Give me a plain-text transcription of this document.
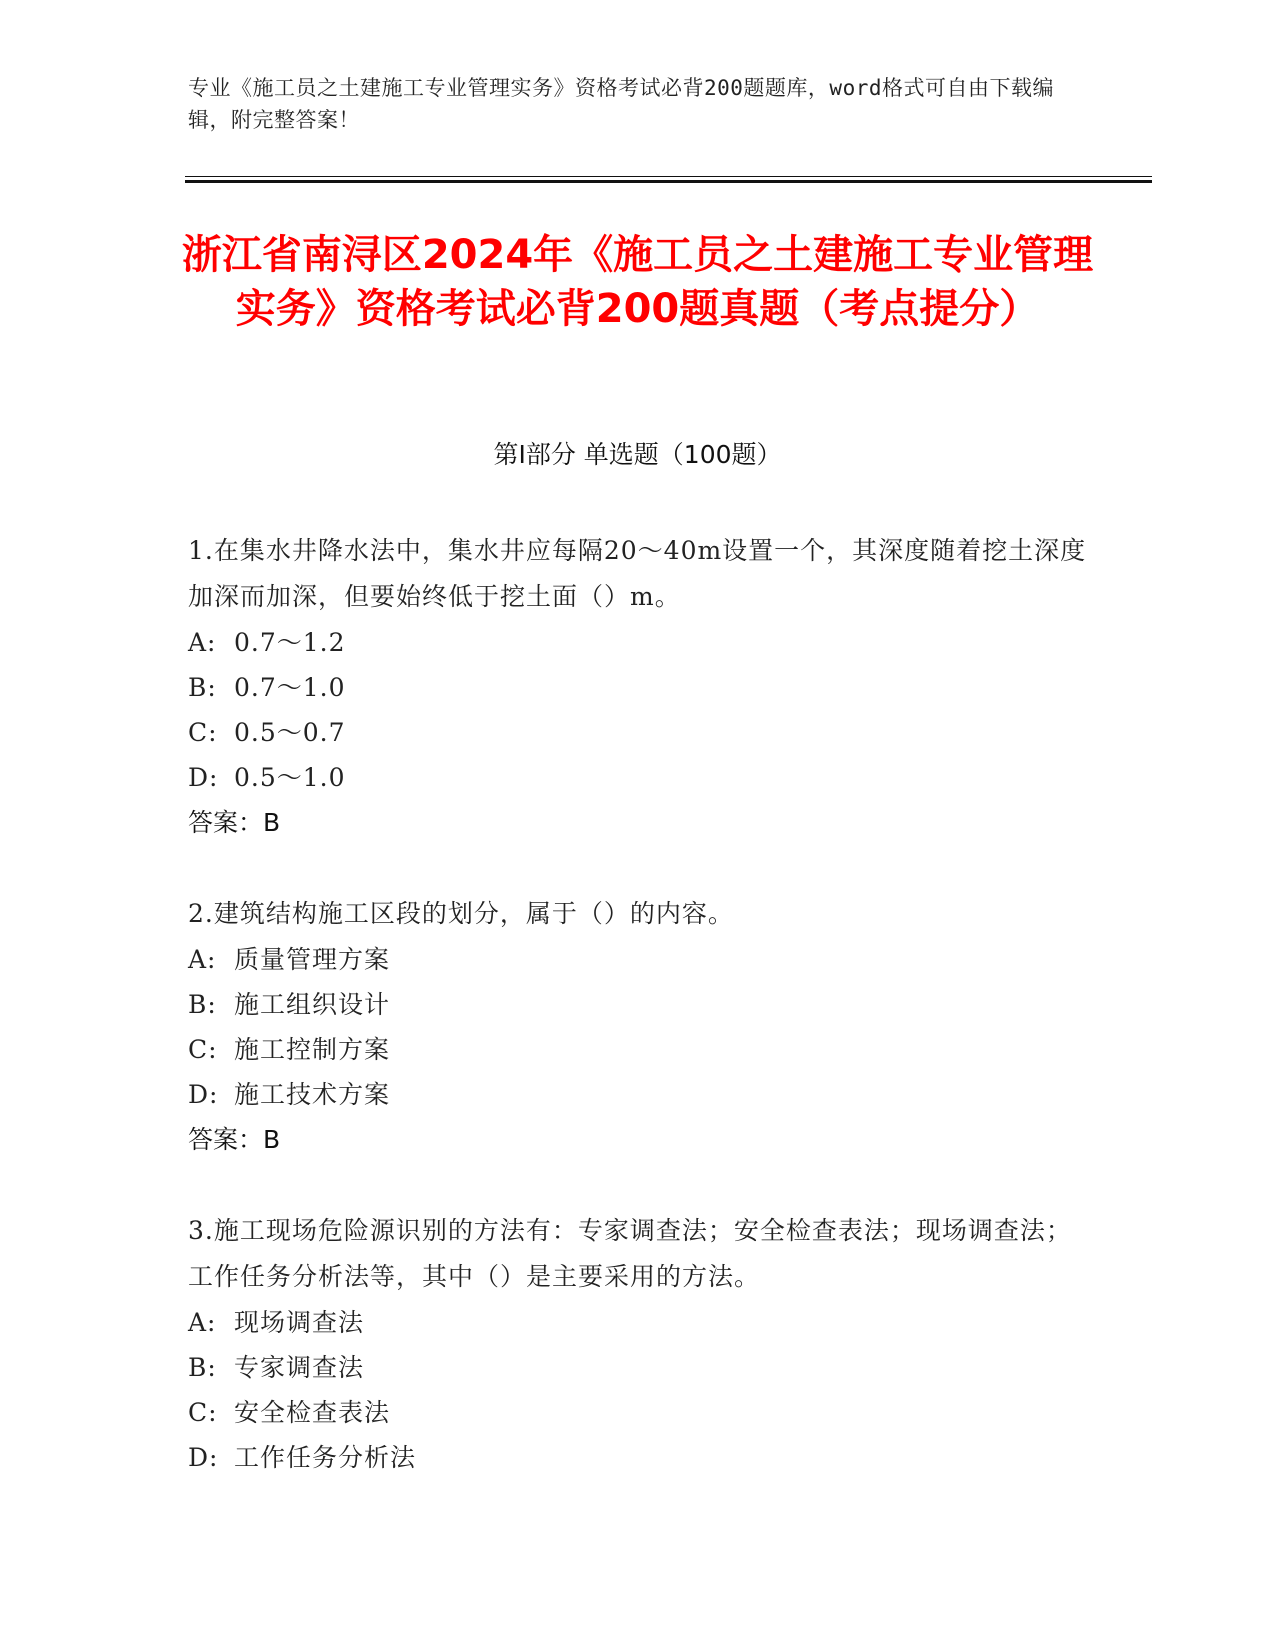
专业《施工员之土建施工专业管理实务》资格考试必背200题题库，word格式可自由下载编辑，附完整答案！
浙江省南浔区2024年《施工员之土建施工专业管理实务》资格考试必背200题真题（考点提分）
第Ⅰ部分 单选题（100题）
1.在集水井降水法中，集水井应每隔20～40m设置一个，其深度随着挖土深度加深而加深，但要始终低于挖土面（）m。
A: 0.7～1.2
B: 0.7～1.0
C: 0.5～0.7
D: 0.5～1.0
答案：B
2.建筑结构施工区段的划分，属于（）的内容。
A: 质量管理方案
B: 施工组织设计
C: 施工控制方案
D: 施工技术方案
答案：B
3.施工现场危险源识别的方法有：专家调查法；安全检查表法；现场调查法；工作任务分析法等，其中（）是主要采用的方法。
A: 现场调查法
B: 专家调查法
C: 安全检查表法
D: 工作任务分析法
